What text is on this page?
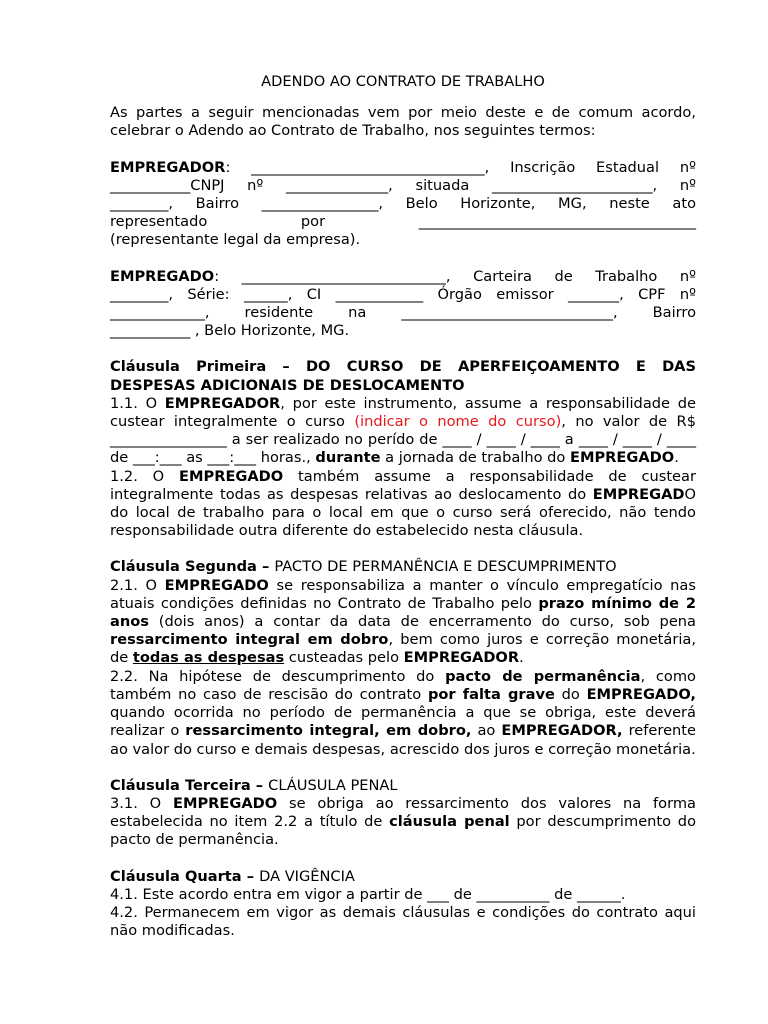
ADENDO AO CONTRATO DE TRABALHO

As partes a seguir mencionadas vem por meio deste e de comum acordo, celebrar o Adendo ao Contrato de Trabalho, nos seguintes termos:

EMPREGADOR: ________________________________, Inscrição Estadual nº

___________CNPJ nº ______________, situada ______________________, nº

________, Bairro ________________, Belo Horizonte, MG, neste ato

representado	por	______________________________________

(representante legal da empresa).

EMPREGADO: ____________________________, Carteira de Trabalho nº

________, Série: ______, CI ____________ Órgão emissor _______, CPF nº

_____________, residente na _____________________________, Bairro

___________ , Belo Horizonte, MG.

Cláusula Primeira – DO CURSO DE APERFEIÇOAMENTO E DAS DESPESAS ADICIONAIS DE DESLOCAMENTO

1.1. O EMPREGADOR, por este instrumento, assume a responsabilidade de custear integralmente o curso (indicar o nome do curso), no valor de R$ ________________ a ser realizado no perído de ____ / ____ / ____ a ____ / ____ / ____ de ___:___ as ___:___ horas., durante a jornada de trabalho do EMPREGADO.

1.2. O EMPREGADO também assume a responsabilidade de custear integralmente todas as despesas relativas ao deslocamento do EMPREGADO do local de trabalho para o local em que o curso será oferecido, não tendo responsabilidade outra diferente do estabelecido nesta cláusula.

Cláusula Segunda – PACTO DE PERMANÊNCIA E DESCUMPRIMENTO

2.1. O EMPREGADO se responsabiliza a manter o vínculo empregatício nas atuais condições definidas no Contrato de Trabalho pelo prazo mínimo de 2 anos (dois anos) a contar da data de encerramento do curso, sob pena ressarcimento integral em dobro, bem como juros e correção monetária, de todas as despesas custeadas pelo EMPREGADOR.

2.2. Na hipótese de descumprimento do pacto de permanência, como também no caso de rescisão do contrato por falta grave do EMPREGADO, quando ocorrida no período de permanência a que se obriga, este deverá realizar o ressarcimento integral, em dobro, ao EMPREGADOR, referente ao valor do curso e demais despesas, acrescido dos juros e correção monetária.

Cláusula Terceira – CLÁUSULA PENAL

3.1. O EMPREGADO se obriga ao ressarcimento dos valores na forma estabelecida no item 2.2 a título de cláusula penal por descumprimento do pacto de permanência.

Cláusula Quarta – DA VIGÊNCIA

4.1. Este acordo entra em vigor a partir de ___ de __________ de ______.

4.2. Permanecem em vigor as demais cláusulas e condições do contrato aqui não modificadas.
